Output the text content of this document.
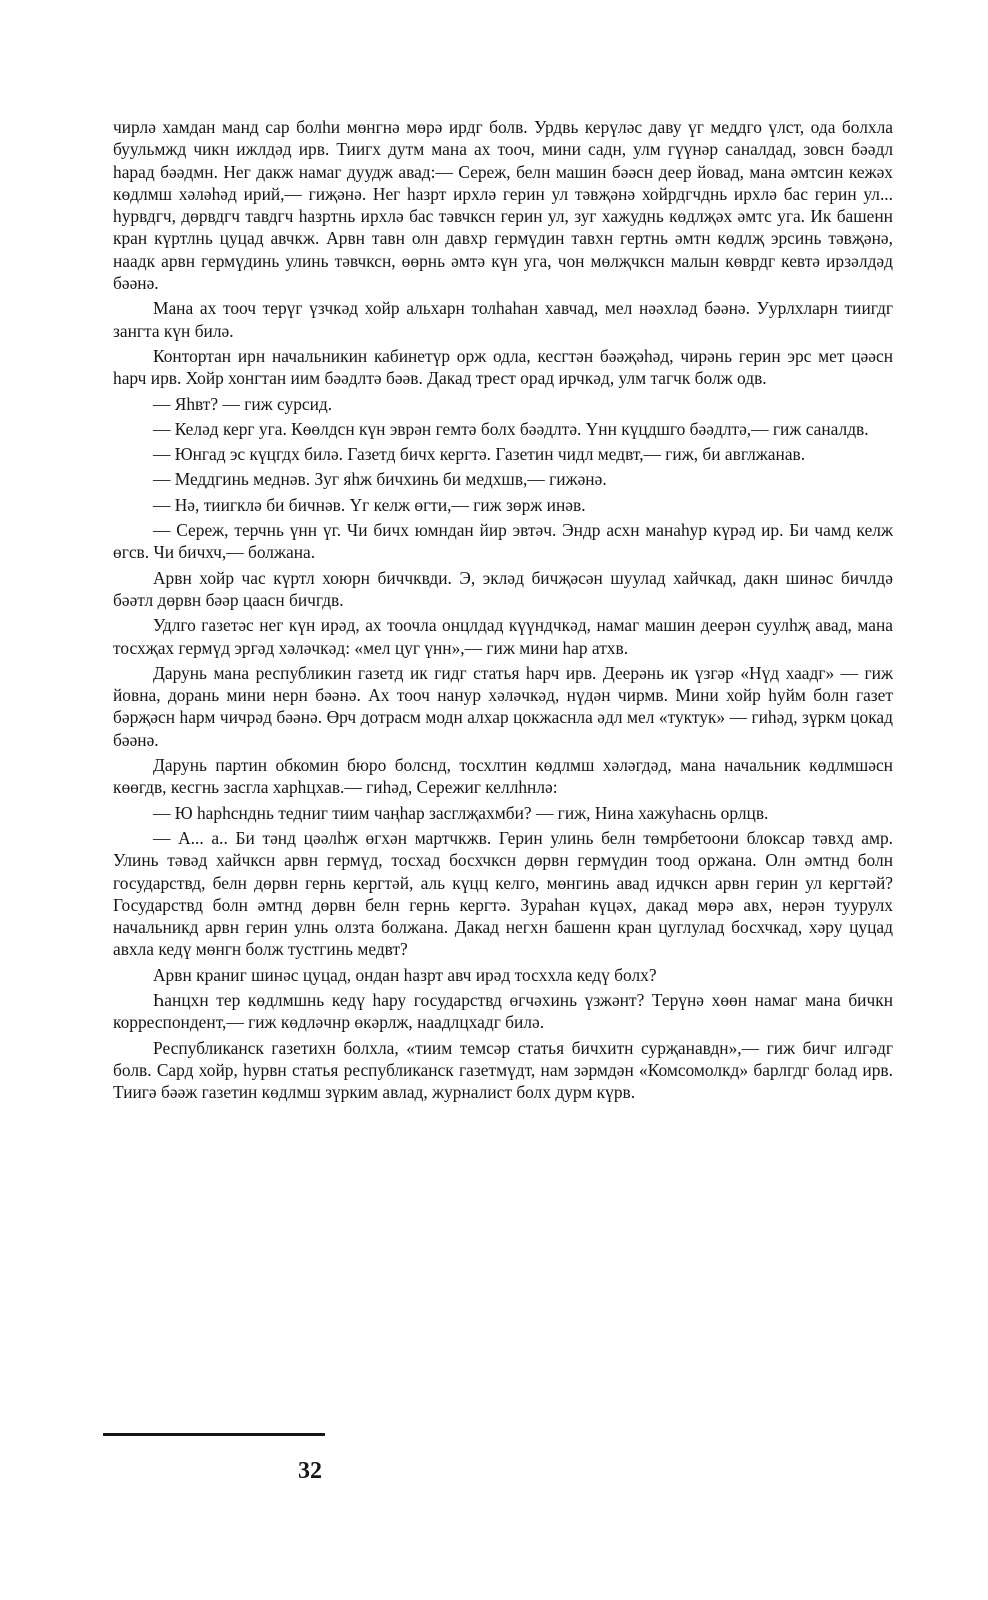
чирлә хамдан манд сар болһи мөнгнә мөрә ирдг болв. Урдвь керүләс даву үг меддго үлст, ода болхла буульмжд чикн ижлдәд ирв. Тиигх дутм мана ах тооч, мини садн, улм гүүнәр саналдад, зовсн бәәдл һарад бәәдмн. Нег дакж намаг дуудж авад:— Сереж, белн машин бәәсн деер йовад, мана әмтсин кежәх көдлмш хәләһәд ирий,— гиҗәнә. Нег һазрт ирхлә герин ул тәвҗәнә хойрдгчднь ирхлә бас герин ул... һурвдгч, дөрвдгч тавдгч һазртнь ирхлә бас тәвчксн герин ул, зуг хажуднь көдлҗәх әмтс уга. Ик башенн кран күртлнь цуцад авчкж. Арвн тавн олн давхр гермүдин тавхн гертнь әмтн көдлҗ эрсинь тәвҗәнә, наадк арвн гермүдинь улинь тәвчксн, өөрнь әмтә күн уга, чон мөлҗчксн малын көврдг кевтә ирзәлдәд бәәнә.

Мана ах тооч терүг үзчкәд хойр альхарн толһаһан хавчад, мел нәәхләд бәәнә. Уурлхларн тиигдг зангта күн билә.

Контортан ирн начальникин кабинетүр орж одла, кесгтән бәәҗәһәд, чирәнь герин эрс мет цәәсн һарч ирв. Хойр хонгтан иим бәәдлтә бәәв. Дакад трест орад ирчкәд, улм тагчк болж одв.

— Яһвт? — гиж сурсид.

— Келәд керг уга. Көөлдсн күн эврән гемтә болх бәәдлтә. Үнн күцдшго бәәдлтә,— гиж саналдв.

— Юнгад эс күцгдх билә. Газетд бичх кергтә. Газетин чидл медвт,— гиж, би авглжанав.

— Меддгинь меднәв. Зуг яһж бичхинь би медхшв,— гижәнә.

— Нә, тиигклә би бичнәв. Үг келж өгти,— гиж зөрж инәв.

— Сереж, терчнь үнн үг. Чи бичх юмндан йир эвтәч. Эндр асхн манаһур күрәд ир. Би чамд келж өгсв. Чи бичхч,— болжана.

Арвн хойр час күртл хоюрн биччквди. Э, экләд бичҗәсән шуулад хайчкад, дакн шинәс бичлдә бәәтл дөрвн бәәр цаасн бичгдв.

Удлго газетәс нег күн ирәд, ах тоочла онцлдад күүндчкәд, намаг машин деерән суулһҗ авад, мана тосхҗах гермүд эргәд хәләчкәд: «мел цуг үнн»,— гиж мини һар атхв.

Дарунь мана республикин газетд ик гидг статья һарч ирв. Деерәнь ик үзгәр «Нүд хаадг» — гиж йовна, дорань мини нерн бәәнә. Ах тооч нанур хәләчкәд, нүдән чирмв. Мини хойр һуйм болн газет бәрҗәсн һарм чичрәд бәәнә. Өрч дотрасм модн алхар цокжаснла әдл мел «туктук» — гиһәд, зүркм цокад бәәнә.

Дарунь партин обкомин бюро болснд, тосхлтин көдлмш хәләгдәд, мана начальник көдлмшәсн көөгдв, кесгнь засгла харһцхав.— гиһәд, Серeжиг келлһнлә:

— Ю һарһснднь тедниг тиим чаңһар засглҗахмби? — гиж, Нина хажуһаснь орлцв.

— А... а.. Би тәнд цәәлһж өгхән мартчкжв. Герин улинь белн төмрбетоони блоксар тәвхд амр. Улинь тәвәд хайчксн арвн гермүд, тосхад босхчксн дөрвн гермүдин тоод оржана. Олн әмтнд болн государствд, белн дөрвн гернь кергтәй, аль күцц келго, мөнгинь авад идчксн арвн герин ул кергтәй? Государствд болн әмтнд дөрвн белн гернь кергтә. Зураһан күцәх, дакад мөрә авх, нерән туурулх начальникд арвн герин улнь олзта болжана. Дакад негхн башенн кран цуглулад босхчкад, хәру цуцад авхла кедү мөнгн болж тустгинь медвт?

Арвн краниг шинәс цуцад, ондан һазрт авч ирәд тосххла кедү болх?

Һанцхн тер көдлмшнь кедү һару государствд өгчәхинь үзжәнт? Терүнә хөөн намаг мана бичкн корреспондент,— гиж көдләчнр өкәрлж, наадлцхадг билә.

Республиканск газетихн болхла, «тиим темсәр статья бичхитн сурҗанавдн»,— гиж бичг илгәдг болв. Сард хойр, һурвн статья республиканск газетмүдт, нам зәрмдән «Комсомолкд» барлгдг болад ирв. Тиигә бәәж газетин көдлмш зүрким авлад, журналист болх дурм күрв.

32
